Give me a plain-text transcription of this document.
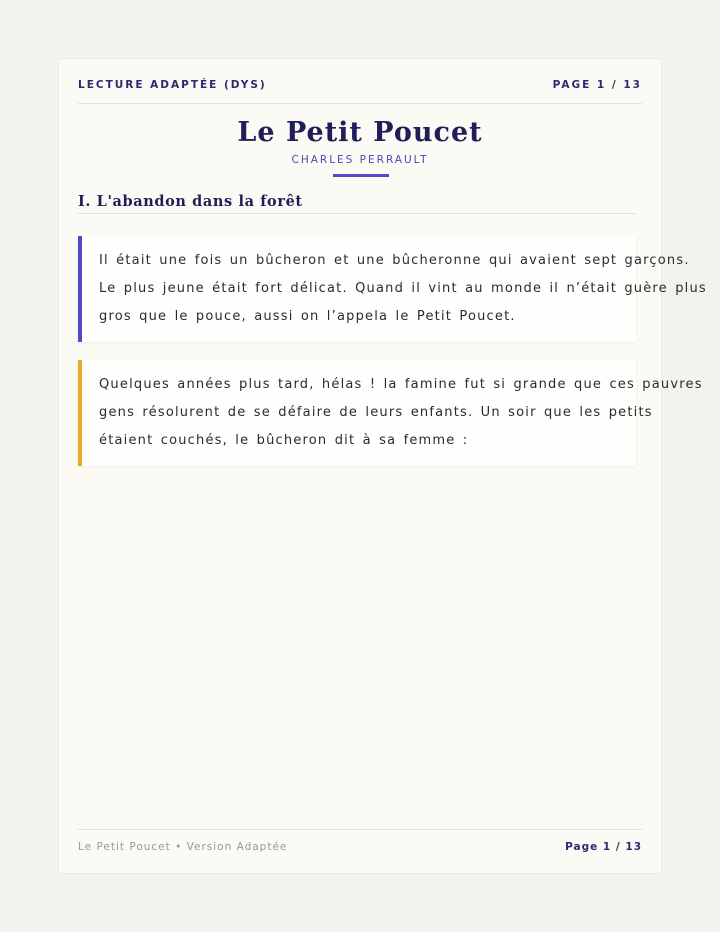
LECTURE ADAPTÉE (DYS)	PAGE 1 / 13
Le Petit Poucet
CHARLES PERRAULT
I. L'abandon dans la forêt
Il était une fois un bûcheron et une bûcheronne qui avaient sept garçons.
Le plus jeune était fort délicat. Quand il vint au monde il n’était guère plus
gros que le pouce, aussi on l’appela le Petit Poucet.
Quelques années plus tard, hélas ! la famine fut si grande que ces pauvres
gens résolurent de se défaire de leurs enfants. Un soir que les petits
étaient couchés, le bûcheron dit à sa femme :
Le Petit Poucet • Version Adaptée	Page 1 / 13
